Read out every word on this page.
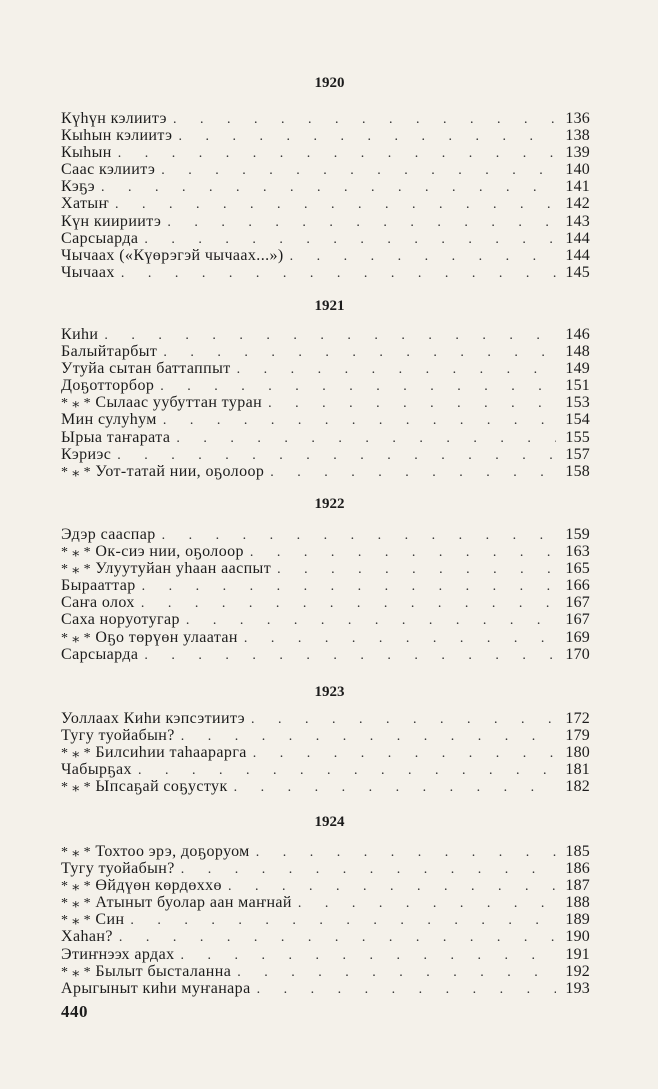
1920
Күһүн кэлиитэ . . .	136
Кыһын кэлиитэ . . .	138
Кыһын . . .	139
Саас кэлиитэ . . .	140
Кэҕэ . . .	141
Хатыҥ . . .	142
Күн киириитэ . . .	143
Сарсыарда . . .	144
Чычаах («Күөрэгэй чычаах...») . . .	144
Чычаах . . .	145
1921
Киһи . . .	146
Балыйтарбыт . . .	148
Утуйа сытан баттаппыт . . .	149
Доҕотторбор . . .	151
* ⁎ * Сылаас уубуттан туран . . .	153
Мин сулуһум . . .	154
Ырыа таҥарата . . .	155
Кэриэс . . .	157
* ⁎ * Уот-татай нии, оҕолоор . . .	158
1922
Эдэр сааспар . . .	159
* ⁎ * Ок-сиэ нии, оҕолоор . . .	163
* ⁎ * Улуутуйан уһаан ааспыт . . .	165
Бырааттар . . .	166
Саҥа олох . . .	167
Саха норуотугар . . .	167
* ⁎ * Оҕо төрүөн улаатан . . .	169
Сарсыарда . . .	170
1923
Уоллаах Киһи кэпсэтиитэ . . .	172
Тугу туойабын? . . .	179
* ⁎ * Билсиһии таһаарарга . . .	180
Чабырҕах . . .	181
* ⁎ * Ыпсаҕай соҕустук . . .	182
1924
* ⁎ * Тохтоо эрэ, доҕоруом . . .	185
Тугу туойабын? . . .	186
* ⁎ * Өйдүөн көрдөххө . . .	187
* ⁎ * Атыныт буолар аан маҥнай . . .	188
* ⁎ * Син . . .	189
Хаһан? . . .	190
Этиҥнээх ардах . . .	191
* ⁎ * Былыт бысталанна . . .	192
Арыгыныт киһи муҥанара . . .	193
440
